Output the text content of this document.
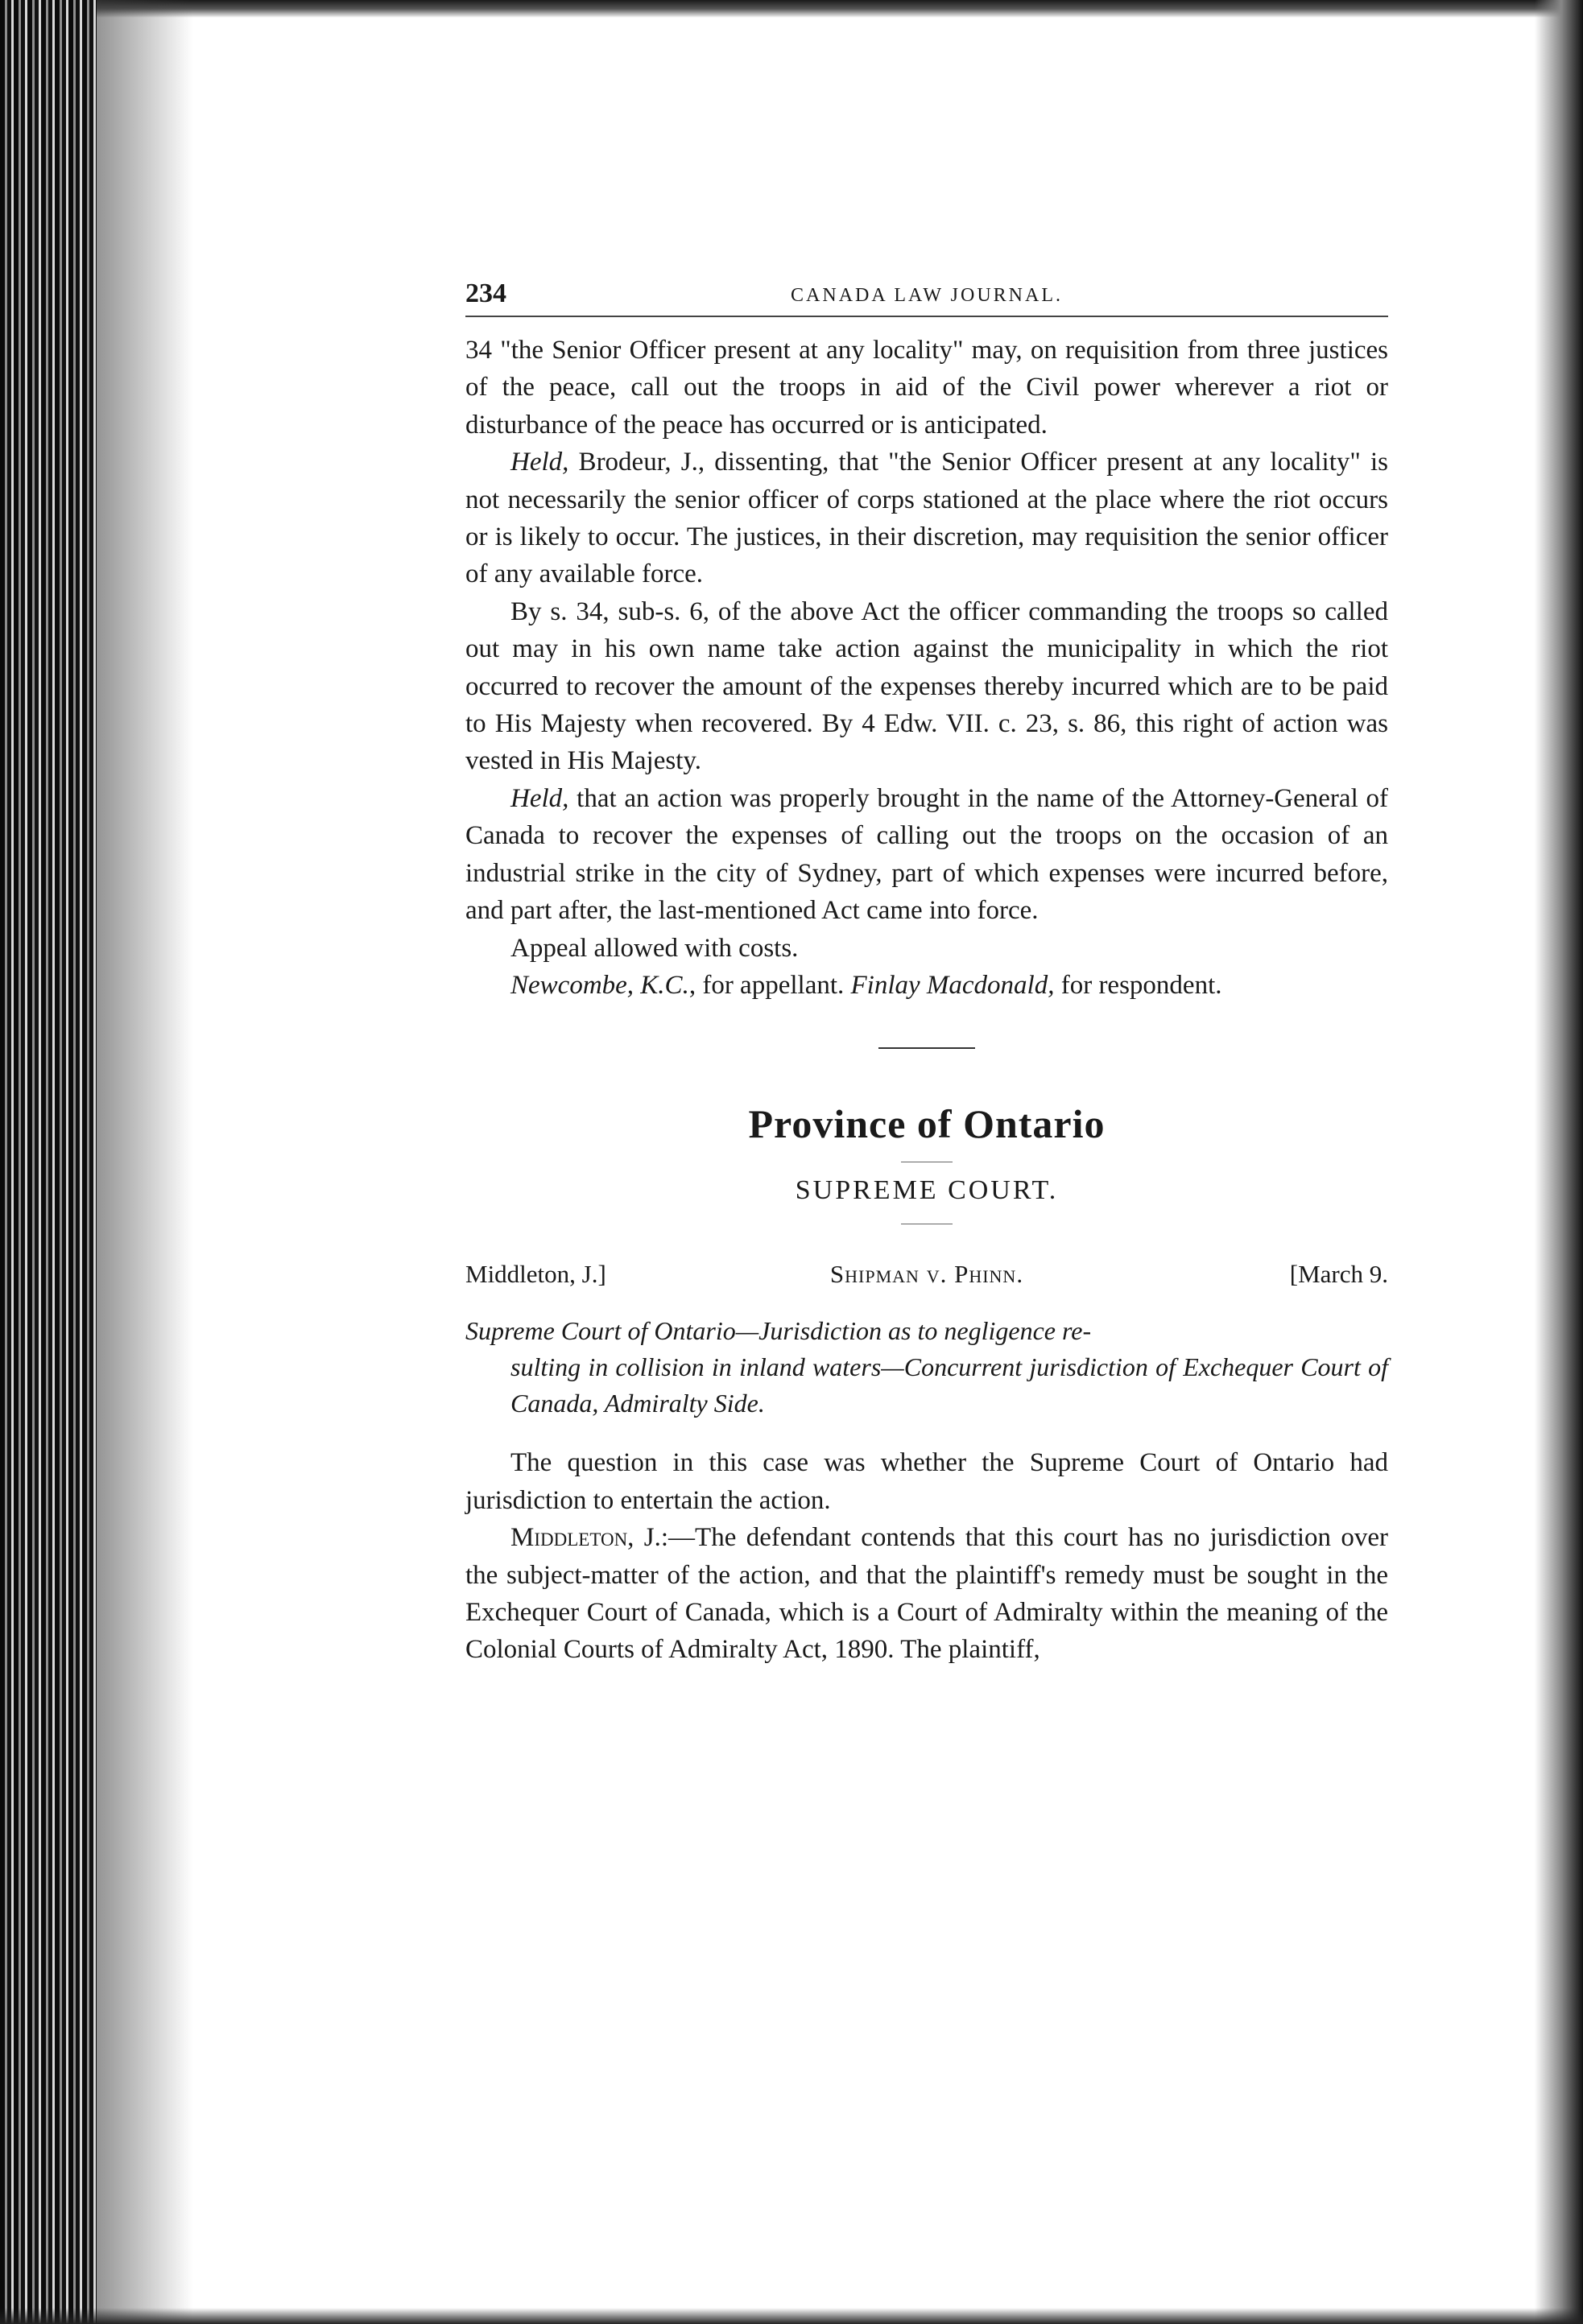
234	CANADA LAW JOURNAL.

34 "the Senior Officer present at any locality" may, on requisition from three justices of the peace, call out the troops in aid of the Civil power wherever a riot or disturbance of the peace has occurred or is anticipated.

Held, Brodeur, J., dissenting, that "the Senior Officer present at any locality" is not necessarily the senior officer of corps stationed at the place where the riot occurs or is likely to occur. The justices, in their discretion, may requisition the senior officer of any available force.

By s. 34, sub-s. 6, of the above Act the officer commanding the troops so called out may in his own name take action against the municipality in which the riot occurred to recover the amount of the expenses thereby incurred which are to be paid to His Majesty when recovered. By 4 Edw. VII. c. 23, s. 86, this right of action was vested in His Majesty.

Held, that an action was properly brought in the name of the Attorney-General of Canada to recover the expenses of calling out the troops on the occasion of an industrial strike in the city of Sydney, part of which expenses were incurred before, and part after, the last-mentioned Act came into force.

Appeal allowed with costs.

Newcombe, K.C., for appellant. Finlay Macdonald, for respondent.

Province of Ontario
SUPREME COURT.
Middleton, J.]	Shipman v. Phinn.	[March 9.
Supreme Court of Ontario—Jurisdiction as to negligence re-
sulting in collision in inland waters—Concurrent jurisdiction of Exchequer Court of Canada, Admiralty Side.

The question in this case was whether the Supreme Court of Ontario had jurisdiction to entertain the action.

Middleton, J.:—The defendant contends that this court has no jurisdiction over the subject-matter of the action, and that the plaintiff's remedy must be sought in the Exchequer Court of Canada, which is a Court of Admiralty within the meaning of the Colonial Courts of Admiralty Act, 1890. The plaintiff,
